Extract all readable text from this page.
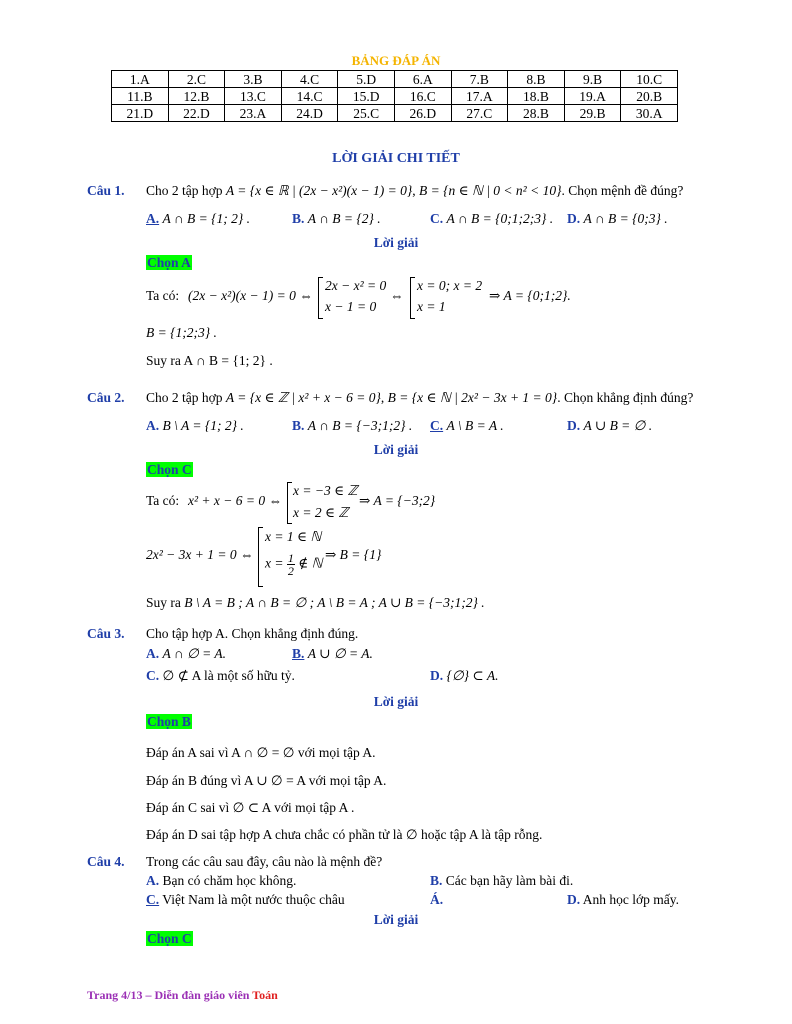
BẢNG ĐÁP ÁN
1.A	2.C	3.B	4.C	5.D	6.A	7.B	8.B	9.B	10.C
11.B	12.B	13.C	14.C	15.D	16.C	17.A	18.B	19.A	20.B
21.D	22.D	23.A	24.D	25.C	26.D	27.C	28.B	29.B	30.A
LỜI GIẢI CHI TIẾT
Câu 1. Cho 2 tập hợp A = {x ∈ ℝ | (2x − x²)(x − 1) = 0}, B = {n ∈ ℕ | 0 < n² < 10}. Chọn mệnh đề đúng?
A. A ∩ B = {1; 2} .	B. A ∩ B = {2} .	C. A ∩ B = {0;1;2;3} . D. A ∩ B = {0;3} .
Lời giải
Chọn A
Ta có: (2x − x²)(x − 1) = 0 ⇔
2x − x² = 0
x − 1 = 0
⇔
x = 0; x = 2
x = 1
⇒ A = {0;1;2}.
B = {1;2;3} .
Suy ra A ∩ B = {1; 2} .
Câu 2. Cho 2 tập hợp A = {x ∈ ℤ | x² + x − 6 = 0}, B = {x ∈ ℕ | 2x² − 3x + 1 = 0}. Chọn khẳng định đúng?
A. B \ A = {1; 2} .	B. A ∩ B = {−3;1;2} . C. A \ B = A .	D. A ∪ B = ∅ .
Lời giải
Chọn C
Ta có: x² + x − 6 = 0 ⇔
x = −3 ∈ ℤ
x = 2 ∈ ℤ
⇒ A = {−3;2}
2x² − 3x + 1 = 0 ⇔
x = 1 ∈ ℕ
$x = \frac{1}{2}$ ∉ ℕ
⇒ B = {1}
Suy ra B \ A = B ; A ∩ B = ∅ ; A \ B = A ; A ∪ B = {−3;1;2} .
Câu 3. Cho tập hợp A. Chọn khẳng định đúng.
A. A ∩ ∅ = A.	B. A ∪ ∅ = A.
C. ∅ ⊄ A là một số hữu tỷ.	D. {∅} ⊂ A.
Lời giải
Chọn B
Đáp án A sai vì A ∩ ∅ = ∅ với mọi tập A.
Đáp án B đúng vì A ∪ ∅ = A với mọi tập A.
Đáp án C sai vì ∅ ⊂ A với mọi tập A .
Đáp án D sai tập hợp A chưa chắc có phần tử là ∅ hoặc tập A là tập rỗng.
Câu 4. Trong các câu sau đây, câu nào là mệnh đề?
A. Bạn có chăm học không.	B. Các bạn hãy làm bài đi.
C. Việt Nam là một nước thuộc châu	Á.	D. Anh học lớp mấy.
Lời giải
Chọn C
Trang 4/13 – Diễn đàn giáo viên Toán
